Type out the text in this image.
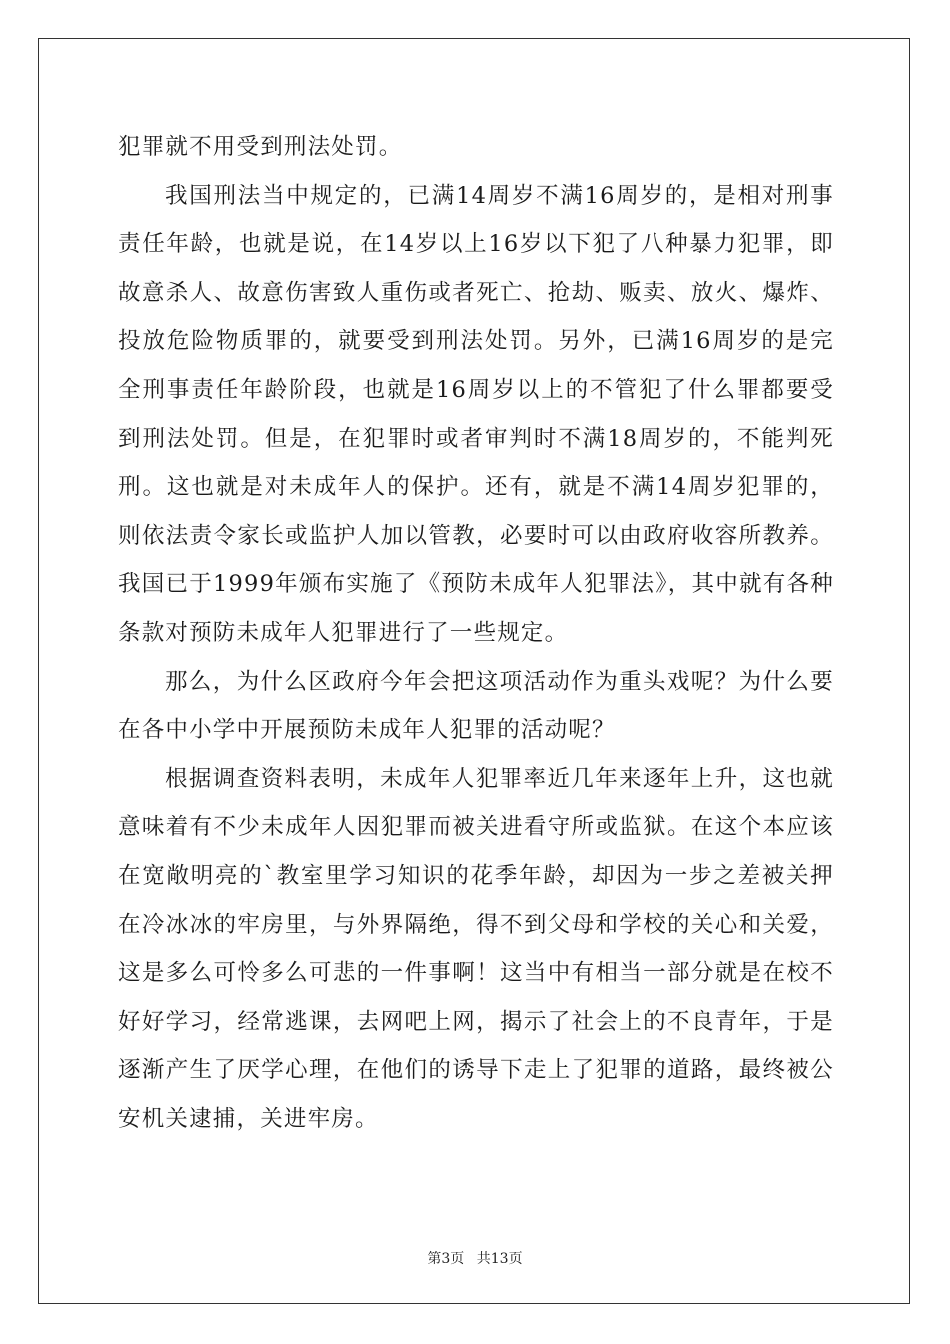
犯罪就不用受到刑法处罚。

我国刑法当中规定的，已满14周岁不满16周岁的，是相对刑事责任年龄，也就是说，在14岁以上16岁以下犯了八种暴力犯罪，即故意杀人、故意伤害致人重伤或者死亡、抢劫、贩卖、放火、爆炸、投放危险物质罪的，就要受到刑法处罚。另外，已满16周岁的是完全刑事责任年龄阶段，也就是16周岁以上的不管犯了什么罪都要受到刑法处罚。但是，在犯罪时或者审判时不满18周岁的，不能判死刑。这也就是对未成年人的保护。还有，就是不满14周岁犯罪的，则依法责令家长或监护人加以管教，必要时可以由政府收容所教养。我国已于1999年颁布实施了《预防未成年人犯罪法》，其中就有各种条款对预防未成年人犯罪进行了一些规定。

那么，为什么区政府今年会把这项活动作为重头戏呢？为什么要在各中小学中开展预防未成年人犯罪的活动呢？

根据调查资料表明，未成年人犯罪率近几年来逐年上升，这也就意味着有不少未成年人因犯罪而被关进看守所或监狱。在这个本应该在宽敞明亮的`教室里学习知识的花季年龄，却因为一步之差被关押在冷冰冰的牢房里，与外界隔绝，得不到父母和学校的关心和关爱，这是多么可怜多么可悲的一件事啊！这当中有相当一部分就是在校不好好学习，经常逃课，去网吧上网，揭示了社会上的不良青年，于是逐渐产生了厌学心理，在他们的诱导下走上了犯罪的道路，最终被公安机关逮捕，关进牢房。

第3页 共13页
